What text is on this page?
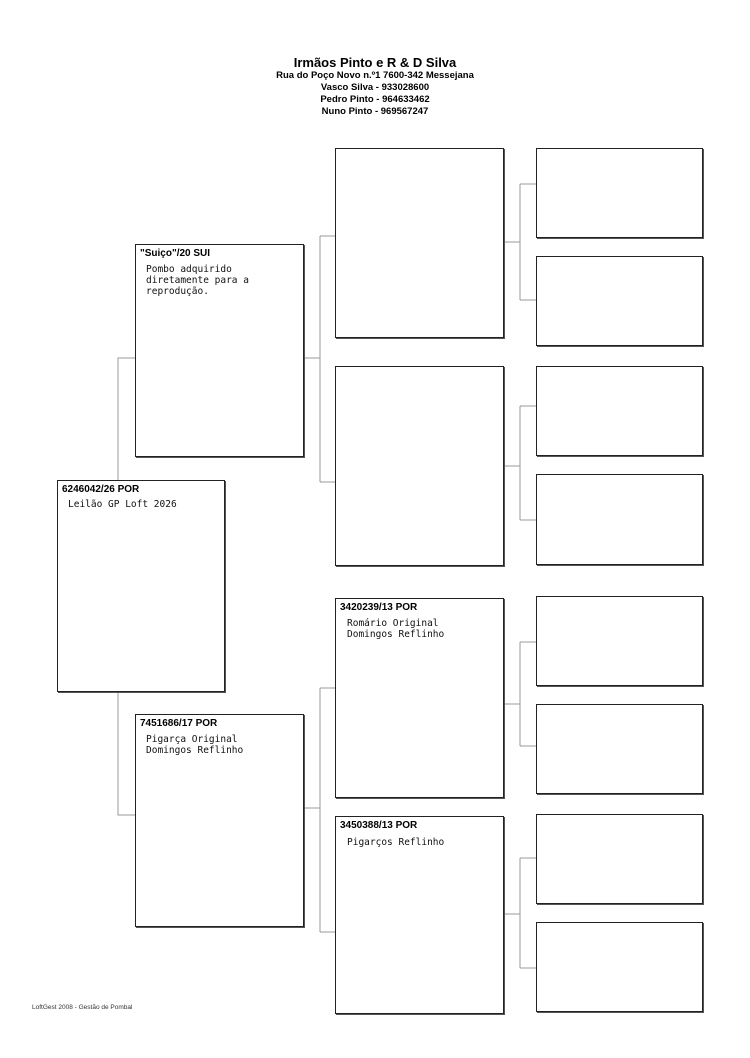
Irmãos Pinto e R & D Silva
Rua do Poço Novo n.º1 7600-342 Messejana
Vasco Silva - 933028600
Pedro Pinto - 964633462
Nuno Pinto - 969567247
6246042/26 POR
Leilão GP Loft 2026
"Suiço"/20 SUI
Pombo adquirido
diretamente para a
reprodução.
7451686/17 POR
Pigarça Original
Domingos Reflinho
3420239/13 POR
Romário Original
Domingos Reflinho
3450388/13 POR
Pigarços Reflinho
LoftGest 2008 - Gestão de Pombal
